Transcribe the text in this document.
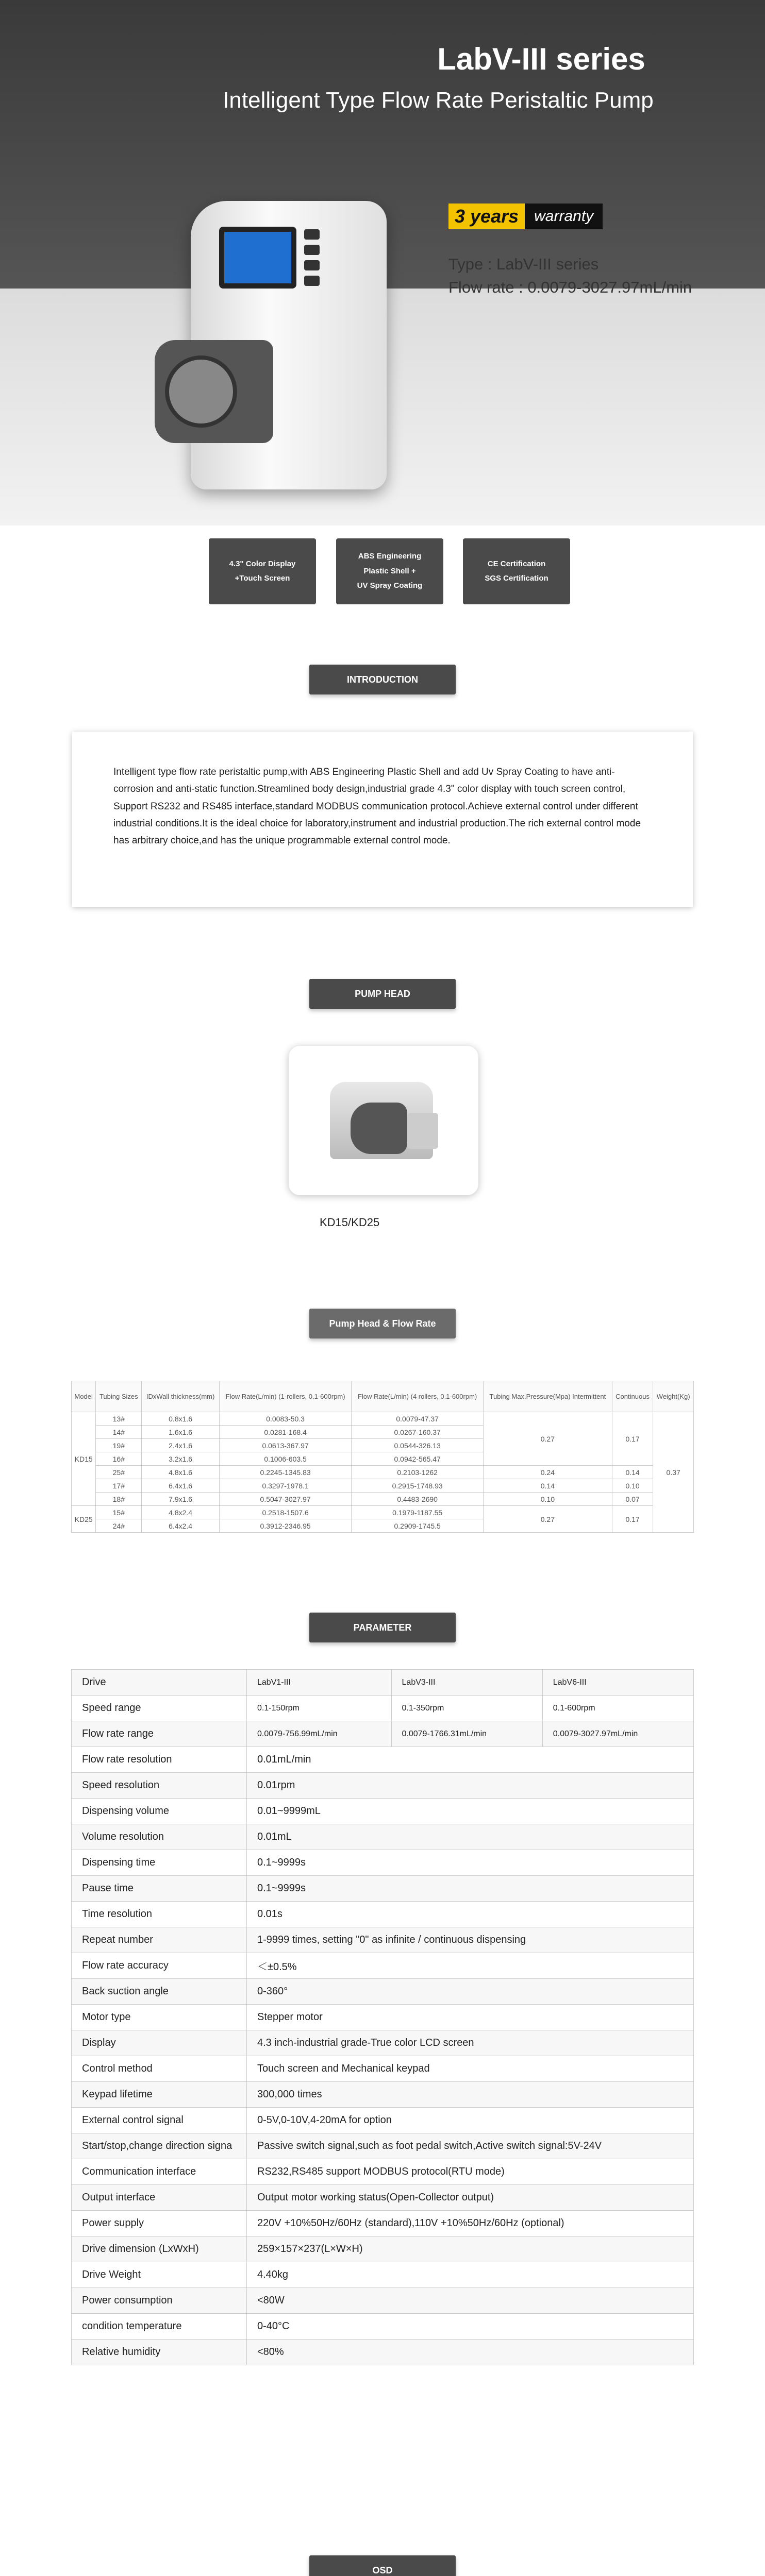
LabV-III series
Intelligent Type Flow Rate Peristaltic Pump
3 years	warranty
Type : LabV-III series
Flow rate : 0.0079-3027.97mL/min
4.3" Color Display
+Touch Screen
ABS Engineering
Plastic Shell +
UV Spray Coating
CE Certification
SGS Certification
INTRODUCTION
Intelligent type flow rate peristaltic pump,with ABS Engineering Plastic Shell and add Uv Spray Coating to have anti-corrosion and anti-static function.Streamlined body design,industrial grade 4.3" color display with touch screen control, Support RS232 and RS485 interface,standard MODBUS communication protocol.Achieve external control under different industrial conditions.It is the ideal choice for laboratory,instrument and industrial production.The rich external control mode has arbitrary choice,and has the unique programmable external control mode.
PUMP HEAD
KD15/KD25
Pump Head & Flow Rate
Model	Tubing Sizes	IDxWall thickness(mm)	Flow Rate(L/min) (1-rollers, 0.1-600rpm)	Flow Rate(L/min) (4 rollers, 0.1-600rpm)	Tubing Max.Pressure(Mpa) Intermittent	Continuous	Weight(Kg)
KD15	13#	0.8x1.6	0.0083-50.3	0.0079-47.37	0.27	0.17	0.37
	14#	1.6x1.6	0.0281-168.4	0.0267-160.37			
	19#	2.4x1.6	0.0613-367.97	0.0544-326.13			
	16#	3.2x1.6	0.1006-603.5	0.0942-565.47			
	25#	4.8x1.6	0.2245-1345.83	0.2103-1262	0.24	0.14	
	17#	6.4x1.6	0.3297-1978.1	0.2915-1748.93	0.14	0.10	
	18#	7.9x1.6	0.5047-3027.97	0.4483-2690	0.10	0.07	
KD25	15#	4.8x2.4	0.2518-1507.6	0.1979-1187.55	0.27	0.17	
	24#	6.4x2.4	0.3912-2346.95	0.2909-1745.5			
PARAMETER
Drive	LabV1-III	LabV3-III	LabV6-III
Speed range	0.1-150rpm	0.1-350rpm	0.1-600rpm
Flow rate range	0.0079-756.99mL/min	0.0079-1766.31mL/min	0.0079-3027.97mL/min
Flow rate resolution	0.01mL/min		
Speed resolution	0.01rpm		
Dispensing volume	0.01~9999mL		
Volume resolution	0.01mL		
Dispensing time	0.1~9999s		
Pause time	0.1~9999s		
Time resolution	0.01s		
Repeat number	1-9999 times, setting "0" as infinite / continuous dispensing		
Flow rate accuracy	＜±0.5%		
Back suction angle	0-360°		
Motor type	Stepper motor		
Display	4.3 inch-industrial grade-True color LCD screen		
Control method	Touch screen and Mechanical keypad		
Keypad lifetime	300,000 times		
External control signal	0-5V,0-10V,4-20mA for option		
Start/stop,change direction signa	Passive switch signal,such as foot pedal switch,Active switch signal:5V-24V		
Communication interface	RS232,RS485 support MODBUS protocol(RTU mode)		
Output interface	Output motor working status(Open-Collector output)		
Power supply	220V +10%50Hz/60Hz (standard),110V +10%50Hz/60Hz (optional)		
Drive dimension (LxWxH)	259×157×237(L×W×H)		
Drive Weight	4.40kg		
Power consumption	<80W		
condition temperature	0-40°C		
Relative humidity	<80%		
OSD
